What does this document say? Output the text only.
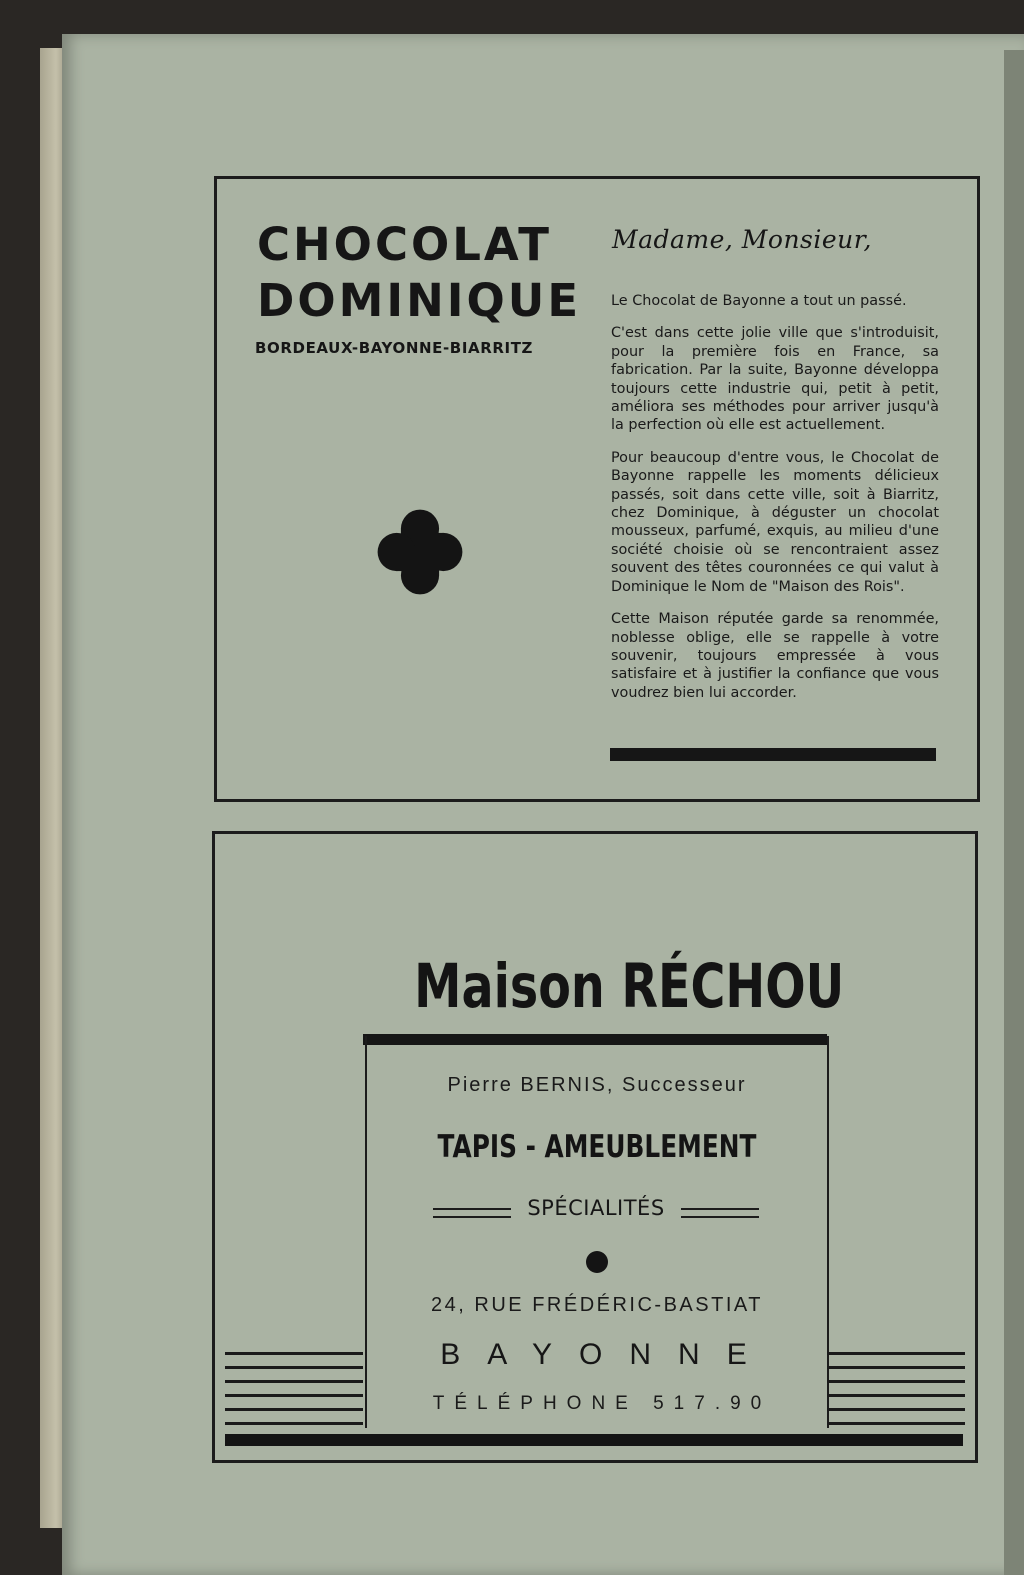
CHOCOLAT
DOMINIQUE
BORDEAUX-BAYONNE-BIARRITZ
Madame, Monsieur,

Le Chocolat de Bayonne a tout un passé.

C'est dans cette jolie ville que s'introduisit, pour la première fois en France, sa fabrication. Par la suite, Bayonne développa toujours cette industrie qui, petit à petit, améliora ses méthodes pour arriver jusqu'à la perfection où elle est actuellement.

Pour beaucoup d'entre vous, le Chocolat de Bayonne rappelle les moments délicieux passés, soit dans cette ville, soit à Biarritz, chez Dominique, à déguster un chocolat mousseux, parfumé, exquis, au milieu d'une société choisie où se rencontraient assez souvent des têtes couronnées ce qui valut à Dominique le Nom de "Maison des Rois".

Cette Maison réputée garde sa renommée, noblesse oblige, elle se rappelle à votre souvenir, toujours empressée à vous satisfaire et à justifier la confiance que vous voudrez bien lui accorder.

Maison RÉCHOU
Pierre BERNIS, Successeur
TAPIS - AMEUBLEMENT
SPÉCIALITÉS
24, RUE FRÉDÉRIC-BASTIAT
BAYONNE
TÉLÉPHONE 517.90
